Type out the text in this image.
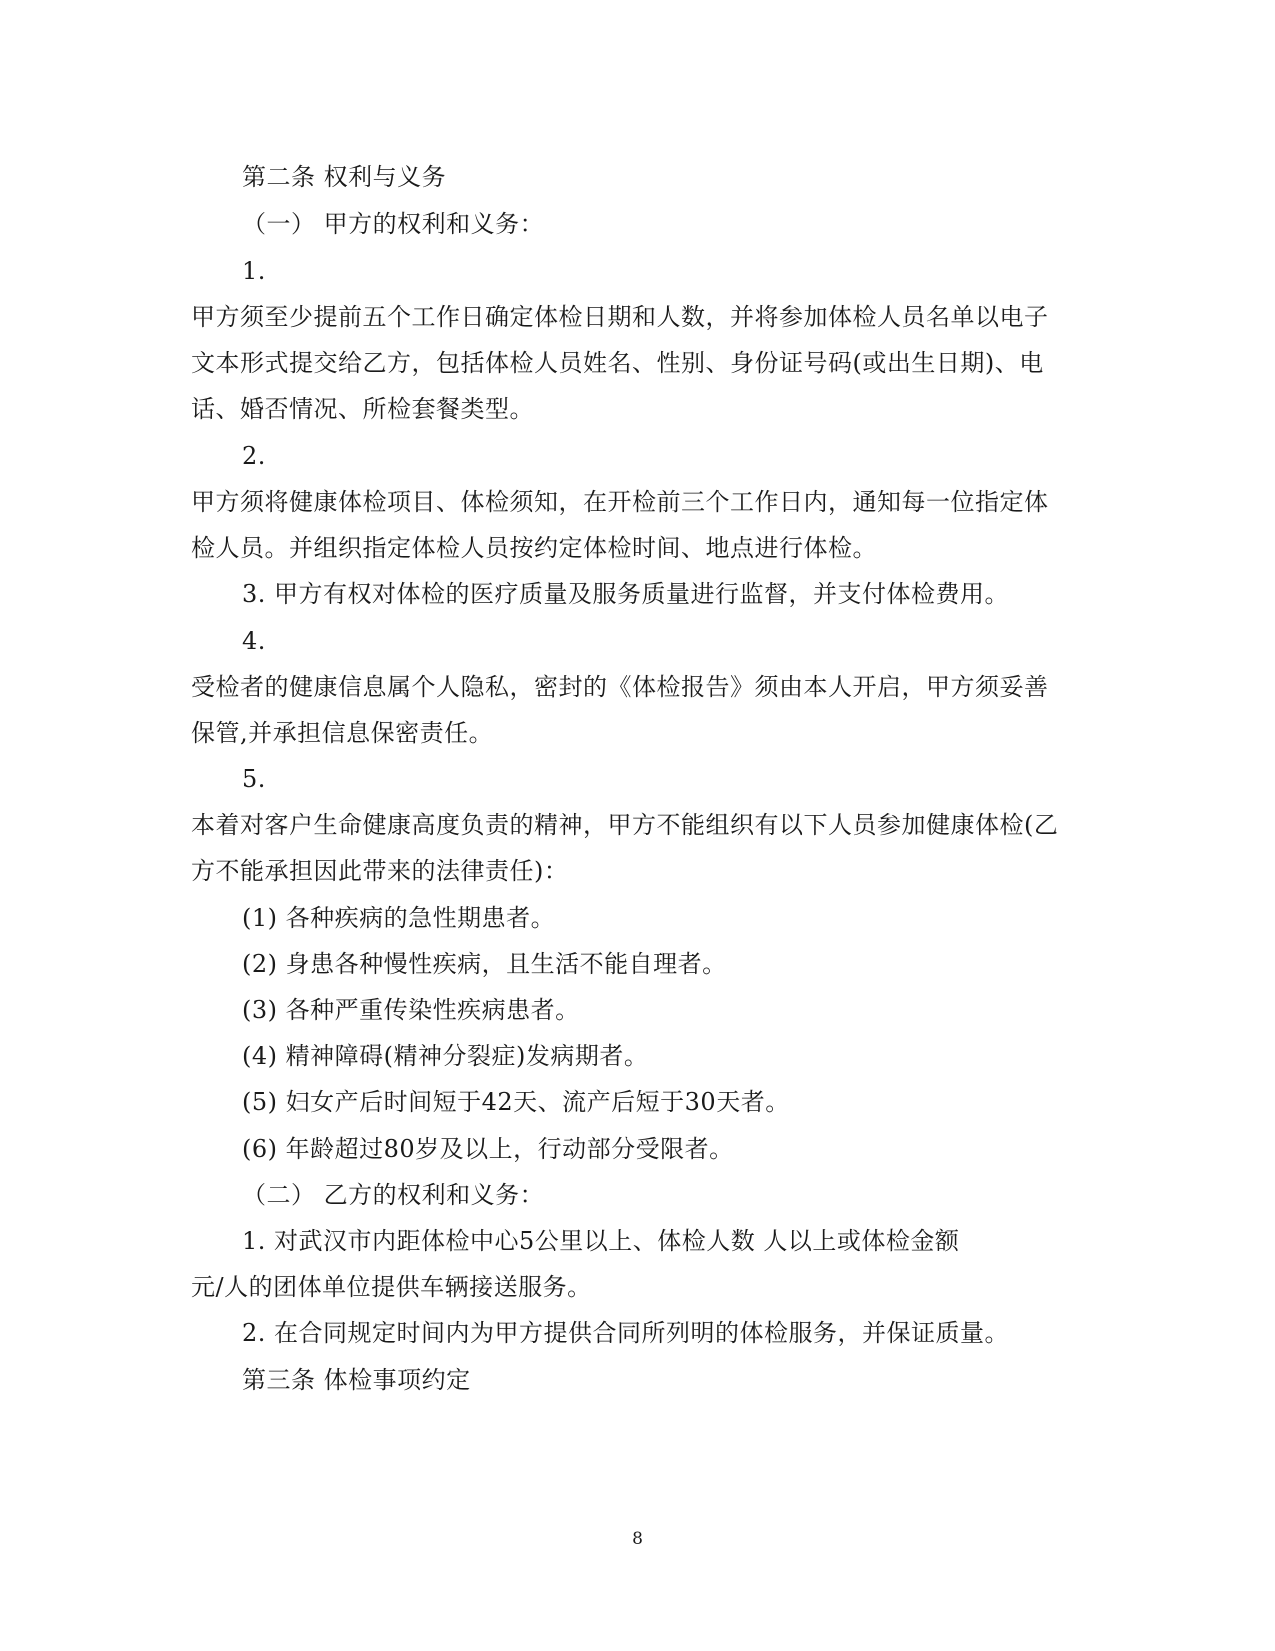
第二条 权利与义务
（一） 甲方的权利和义务：
1.
甲方须至少提前五个工作日确定体检日期和人数，并将参加体检人员名单以电子
文本形式提交给乙方，包括体检人员姓名、性别、身份证号码(或出生日期)、电
话、婚否情况、所检套餐类型。
2.
甲方须将健康体检项目、体检须知，在开检前三个工作日内，通知每一位指定体
检人员。并组织指定体检人员按约定体检时间、地点进行体检。
3. 甲方有权对体检的医疗质量及服务质量进行监督，并支付体检费用。
4.
受检者的健康信息属个人隐私，密封的《体检报告》须由本人开启，甲方须妥善
保管,并承担信息保密责任。
5.
本着对客户生命健康高度负责的精神，甲方不能组织有以下人员参加健康体检(乙
方不能承担因此带来的法律责任)：
(1) 各种疾病的急性期患者。
(2) 身患各种慢性疾病，且生活不能自理者。
(3) 各种严重传染性疾病患者。
(4) 精神障碍(精神分裂症)发病期者。
(5) 妇女产后时间短于42天、流产后短于30天者。
(6) 年龄超过80岁及以上，行动部分受限者。
（二） 乙方的权利和义务：
1. 对武汉市内距体检中心5公里以上、体检人数 人以上或体检金额
元/人的团体单位提供车辆接送服务。
2. 在合同规定时间内为甲方提供合同所列明的体检服务，并保证质量。
第三条 体检事项约定
8
